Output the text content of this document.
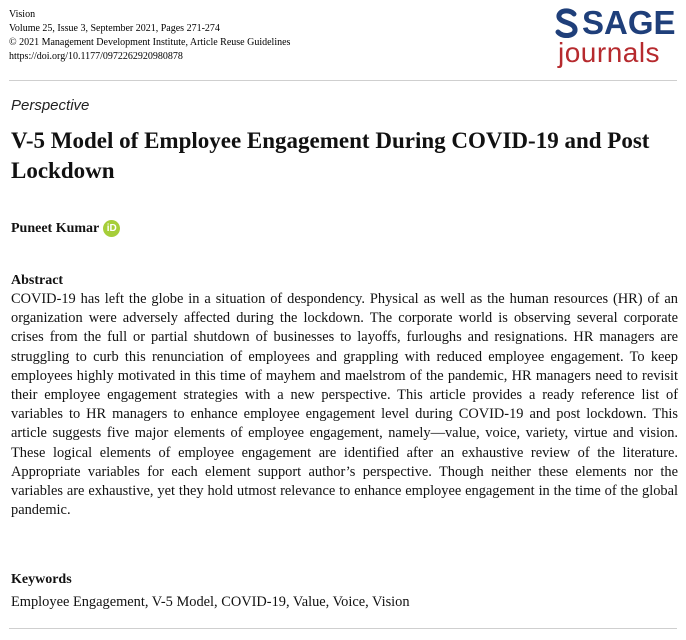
Vision
Volume 25, Issue 3, September 2021, Pages 271-274
© 2021 Management Development Institute, Article Reuse Guidelines
https://doi.org/10.1177/0972262920980878
SAGE
journals
Perspective
V-5 Model of Employee Engagement During COVID-19 and Post Lockdown
Puneet Kumar iD
Abstract
COVID-19 has left the globe in a situation of despondency. Physical as well as the human resources (HR) of an organization were adversely affected during the lockdown. The corporate world is observing several corporate crises from the full or partial shutdown of businesses to layoffs, furloughs and resignations. HR managers are struggling to curb this renunciation of employees and grappling with reduced employee engagement. To keep employees highly motivated in this time of mayhem and maelstrom of the pandemic, HR managers need to revisit their employee engagement strategies with a new perspective. This article provides a ready reference list of variables to HR managers to enhance employee engagement level during COVID-19 and post lockdown. This article suggests five major elements of employee engagement, namely—value, voice, variety, virtue and vision. These logical elements of employee engagement are identified after an exhaustive review of the literature. Appropriate variables for each element support author’s perspective. Though neither these elements nor the variables are exhaustive, yet they hold utmost relevance to enhance employee engagement in the time of the global pandemic.
Keywords
Employee Engagement, V-5 Model, COVID-19, Value, Voice, Vision
